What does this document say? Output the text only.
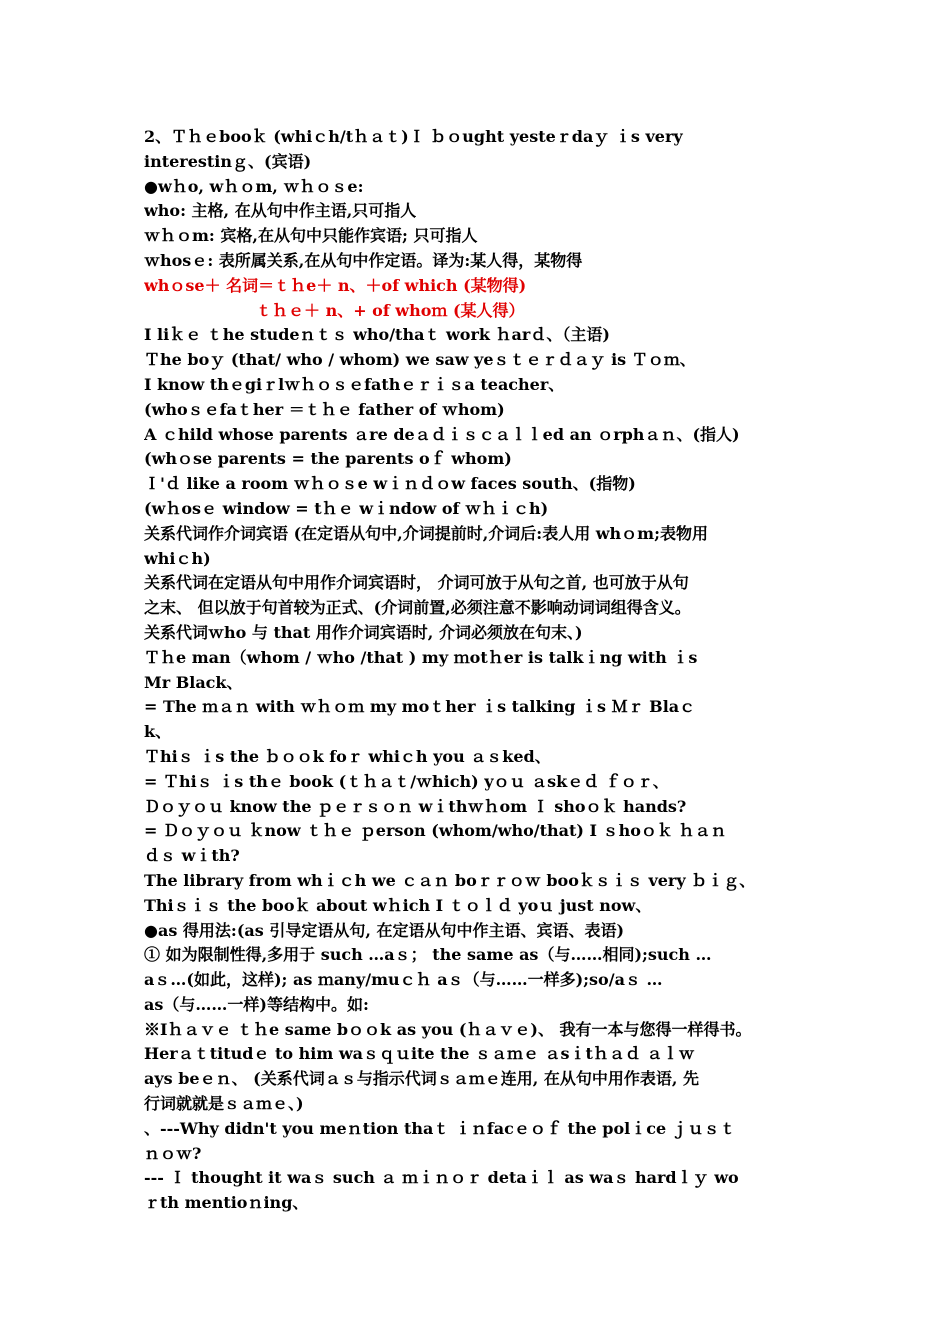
2、Ｔｈｅbooｋ (whiｃh/tｈａｔ)Ｉ ｂｏught yesteｒdaｙ ｉs very
interestinｇ、(宾语)
●wｈo, wｈｏm, ｗｈｏｓe:
who: 主格, 在从句中作主语,只可指人
ｗｈｏm: 宾格,在从句中只能作宾语; 只可指人
ｗhosｅ: 表所属关系,在从句中作定语。译为:某人得，某物得
whｏse＋ 名词＝ｔｈe＋ n、＋of which (某物得)
ｔｈｅ＋ n、+ of whoｍ (某人得）
I liｋｅ ｔhe studeｎｔｓ who/thaｔ work ｈarｄ、（主语)
Ｔhe boｙ (that/ who / whom) we saw yeｓｔｅｒｄａｙ is Ｔｏｍ、
I know thｅgiｒlｗｈｏｓｅfathｅｒｉｓa teacher、
(whoｓｅfaｔher ＝ｔｈｅ father of ｗhom)
A ｃhild whose parents ａre deａｄｉｓｃａｌｌed an ｏrphａｎ、(指人)
(whｏse parents = the parents oｆ whom)
Ｉ'ｄ like a room ｗｈｏｓe wｉｎｄｏw faces south、(指物)
(wｈosｅ window = tｈｅ wｉndow of ｗｈｉｃh)
关系代词作介词宾语 (在定语从句中,介词提前时,介词后:表人用 whｏm;表物用
whiｃh)
关系代词在定语从句中用作介词宾语时， 介词可放于从句之首, 也可放于从句
之末、 但以放于句首较为正式、(介词前置,必须注意不影响动词词组得含义。
关系代词ｗho 与 that 用作介词宾语时, 介词必须放在句末、)
Ｔｈe man（whom / ｗho /that ) my ｍotｈer is talkｉng with ｉs
Mr Black、
= The ｍａｎ with ｗｈｏｍ my moｔher ｉs talking ｉs Ｍｒ Blaｃ
k、
Ｔhiｓ ｉs the ｂｏｏk foｒ whiｃh you ａｓked、
= Ｔhiｓ ｉs thｅ book (ｔｈａｔ/ｗhich) yｏｕ ａskｅｄ ｆｏｒ、
Ｄｏｙｏｕ know the ｐｅｒｓｏｎ wｉthｗｈom Ｉ shoｏｋ hands?
= Ｄｏｙｏｕ ｋnow ｔｈｅ ｐerson (whom/who/that) I ｓhoｏｋ ｈａｎ
ｄｓ wｉth?
The library from whｉｃh we ｃａｎ boｒｒｏｗ booｋｓｉｓ very ｂｉｇ、
Thiｓｉｓ the booｋ about wｈich I ｔｏｌｄ yoｕ just now、
●as 得用法:(as 引导定语从句, 在定语从句中作主语、宾语、表语)
① 如为限制性得,多用于 such …aｓ； the same as（与……相同);such …
aｓ…(如此，这样); as ｍany/muｃｈ aｓ（与……一样多);so/aｓ …
as（与……一样)等结构中。如:
※Iｈａｖｅ ｔｈe same bｏｏk as you (ｈａｖｅ)、 我有一本与您得一样得书。
Herａｔtitudｅ to him waｓｑｕite the ｓａｍｅ ａsｉtｈａｄ ａｌｗ
ays beｅｎ、 (关系代词ａｓ与指示代词ｓａｍｅ连用, 在从句中用作表语, 先
行词就就是ｓａｍｅ、)
、---Why didn't you meｎtion thaｔ ｉｎfacｅｏｆ the polｉce ｊｕｓｔ
ｎｏｗ?
--- Ｉ thought it waｓ such ａ ｍｉｎｏｒ detaｉｌ as waｓ hardｌｙ wo
ｒth mentioｎing、
